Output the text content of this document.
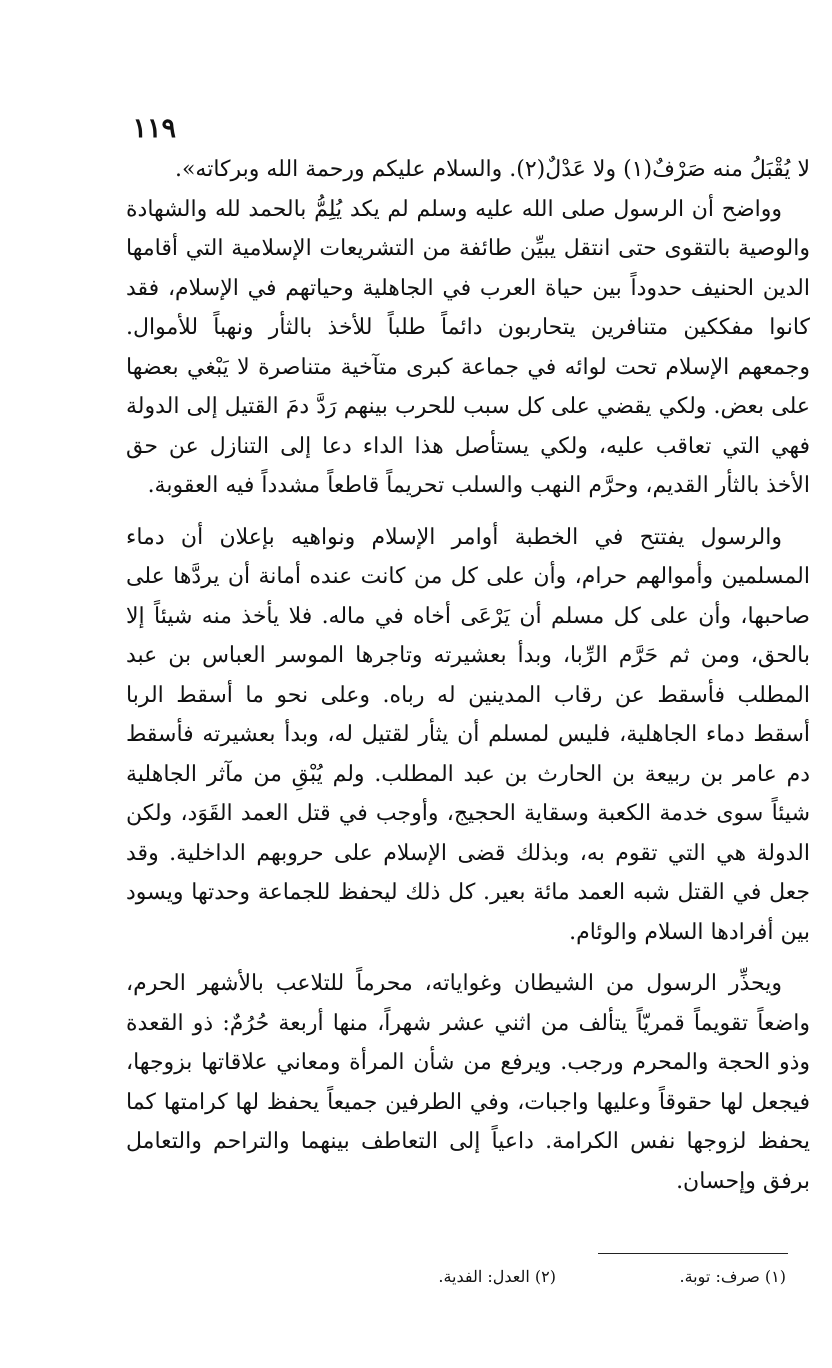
١١٩

لا يُقْبَلُ منه صَرْفٌ(١) ولا عَدْلٌ(٢). والسلام عليكم ورحمة الله وبركاته».

وواضح أن الرسول صلى الله عليه وسلم لم يكد يُلِمُّ بالحمد لله والشهادة والوصية بالتقوى حتى انتقل يبيِّن طائفة من التشريعات الإسلامية التي أقامها الدين الحنيف حدوداً بين حياة العرب في الجاهلية وحياتهم في الإسلام، فقد كانوا مفككين متنافرين يتحاربون دائماً طلباً للأخذ بالثأر ونهباً للأموال. وجمعهم الإسلام تحت لوائه في جماعة كبرى متآخية متناصرة لا يَبْغي بعضها على بعض. ولكي يقضي على كل سبب للحرب بينهم رَدَّ دمَ القتيل إلى الدولة فهي التي تعاقب عليه، ولكي يستأصل هذا الداء دعا إلى التنازل عن حق الأخذ بالثأر القديم، وحرَّم النهب والسلب تحريماً قاطعاً مشدداً فيه العقوبة.

والرسول يفتتح في الخطبة أوامر الإسلام ونواهيه بإعلان أن دماء المسلمين وأموالهم حرام، وأن على كل من كانت عنده أمانة أن يردَّها على صاحبها، وأن على كل مسلم أن يَرْعَى أخاه في ماله. فلا يأخذ منه شيئاً إلا بالحق، ومن ثم حَرَّم الرِّبا، وبدأ بعشيرته وتاجرها الموسر العباس بن عبد المطلب فأسقط عن رقاب المدينين له رباه. وعلى نحو ما أسقط الربا أسقط دماء الجاهلية، فليس لمسلم أن يثأر لقتيل له، وبدأ بعشيرته فأسقط دم عامر بن ربيعة بن الحارث بن عبد المطلب. ولم يُبْقِ من مآثر الجاهلية شيئاً سوى خدمة الكعبة وسقاية الحجيج، وأوجب في قتل العمد القَوَد، ولكن الدولة هي التي تقوم به، وبذلك قضى الإسلام على حروبهم الداخلية. وقد جعل في القتل شبه العمد مائة بعير. كل ذلك ليحفظ للجماعة وحدتها ويسود بين أفرادها السلام والوئام.

ويحذِّر الرسول من الشيطان وغواياته، محرماً للتلاعب بالأشهر الحرم، واضعاً تقويماً قمريّاً يتألف من اثني عشر شهراً، منها أربعة حُرُمٌ: ذو القعدة وذو الحجة والمحرم ورجب. ويرفع من شأن المرأة ومعاني علاقاتها بزوجها، فيجعل لها حقوقاً وعليها واجبات، وفي الطرفين جميعاً يحفظ لها كرامتها كما يحفظ لزوجها نفس الكرامة. داعياً إلى التعاطف بينهما والتراحم والتعامل برفق وإحسان.

(١) صرف: توبة.
(٢) العدل: الفدية.
